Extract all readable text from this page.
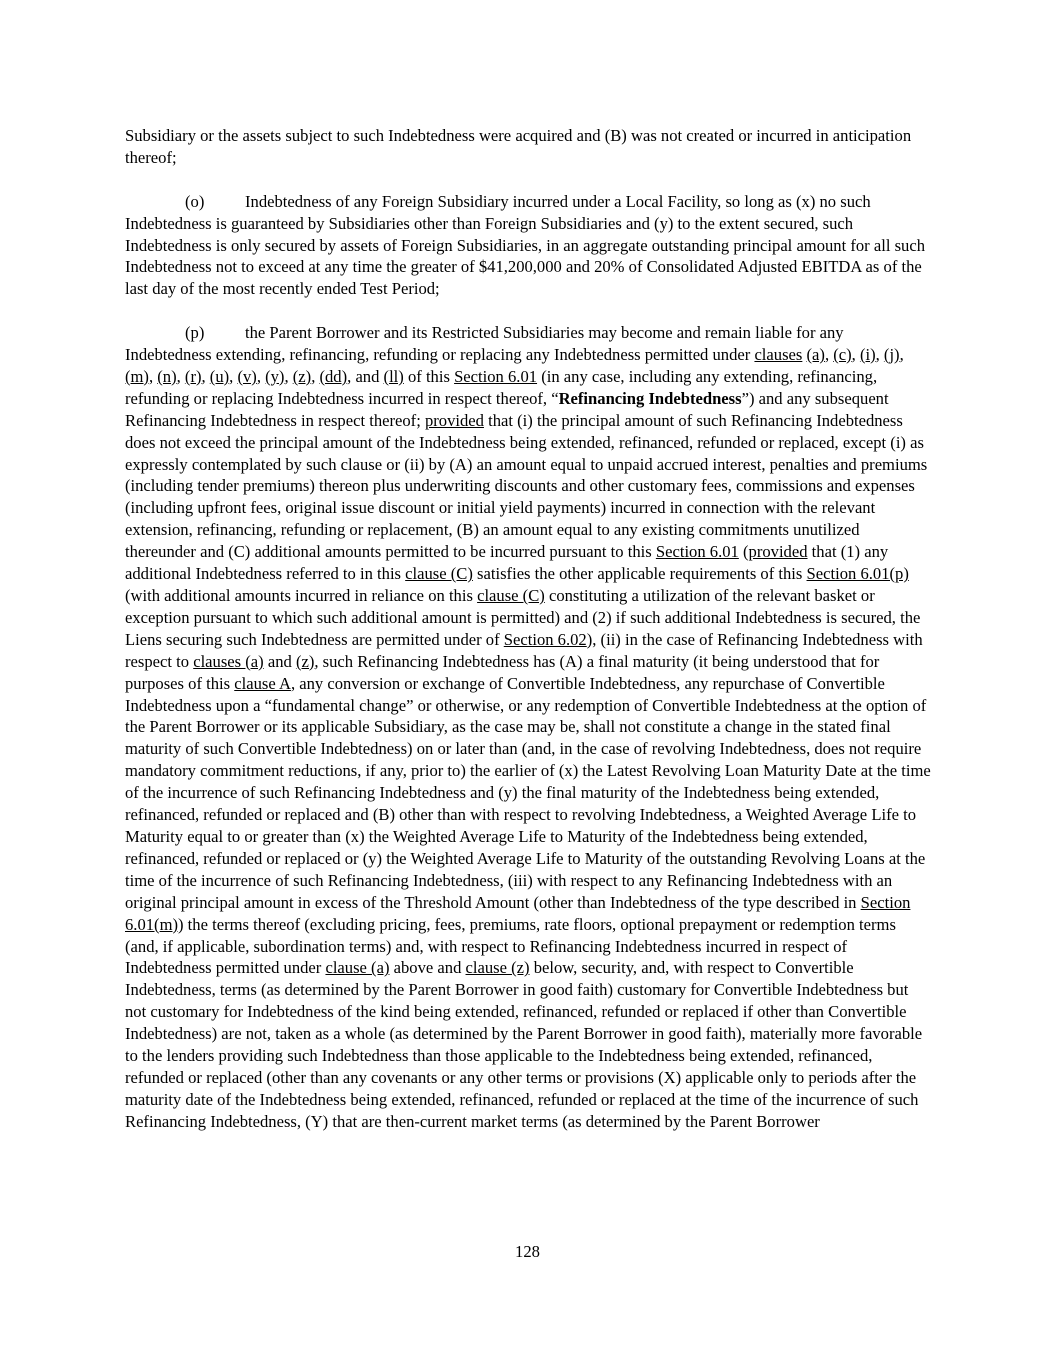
Subsidiary or the assets subject to such Indebtedness were acquired and (B) was not created or incurred in anticipation thereof;

(o) Indebtedness of any Foreign Subsidiary incurred under a Local Facility, so long as (x) no such Indebtedness is guaranteed by Subsidiaries other than Foreign Subsidiaries and (y) to the extent secured, such Indebtedness is only secured by assets of Foreign Subsidiaries, in an aggregate outstanding principal amount for all such Indebtedness not to exceed at any time the greater of $41,200,000 and 20% of Consolidated Adjusted EBITDA as of the last day of the most recently ended Test Period;

(p) the Parent Borrower and its Restricted Subsidiaries may become and remain liable for any Indebtedness extending, refinancing, refunding or replacing any Indebtedness permitted under clauses (a), (c), (i), (j), (m), (n), (r), (u), (v), (y), (z), (dd), and (ll) of this Section 6.01 (in any case, including any extending, refinancing, refunding or replacing Indebtedness incurred in respect thereof, “Refinancing Indebtedness”) and any subsequent Refinancing Indebtedness in respect thereof; provided that (i) the principal amount of such Refinancing Indebtedness does not exceed the principal amount of the Indebtedness being extended, refinanced, refunded or replaced, except (i) as expressly contemplated by such clause or (ii) by (A) an amount equal to unpaid accrued interest, penalties and premiums (including tender premiums) thereon plus underwriting discounts and other customary fees, commissions and expenses (including upfront fees, original issue discount or initial yield payments) incurred in connection with the relevant extension, refinancing, refunding or replacement, (B) an amount equal to any existing commitments unutilized thereunder and (C) additional amounts permitted to be incurred pursuant to this Section 6.01 (provided that (1) any additional Indebtedness referred to in this clause (C) satisfies the other applicable requirements of this Section 6.01(p) (with additional amounts incurred in reliance on this clause (C) constituting a utilization of the relevant basket or exception pursuant to which such additional amount is permitted) and (2) if such additional Indebtedness is secured, the Liens securing such Indebtedness are permitted under of Section 6.02), (ii) in the case of Refinancing Indebtedness with respect to clauses (a) and (z), such Refinancing Indebtedness has (A) a final maturity (it being understood that for purposes of this clause A, any conversion or exchange of Convertible Indebtedness, any repurchase of Convertible Indebtedness upon a “fundamental change” or otherwise, or any redemption of Convertible Indebtedness at the option of the Parent Borrower or its applicable Subsidiary, as the case may be, shall not constitute a change in the stated final maturity of such Convertible Indebtedness) on or later than (and, in the case of revolving Indebtedness, does not require mandatory commitment reductions, if any, prior to) the earlier of (x) the Latest Revolving Loan Maturity Date at the time of the incurrence of such Refinancing Indebtedness and (y) the final maturity of the Indebtedness being extended, refinanced, refunded or replaced and (B) other than with respect to revolving Indebtedness, a Weighted Average Life to Maturity equal to or greater than (x) the Weighted Average Life to Maturity of the Indebtedness being extended, refinanced, refunded or replaced or (y) the Weighted Average Life to Maturity of the outstanding Revolving Loans at the time of the incurrence of such Refinancing Indebtedness, (iii) with respect to any Refinancing Indebtedness with an original principal amount in excess of the Threshold Amount (other than Indebtedness of the type described in Section 6.01(m)) the terms thereof (excluding pricing, fees, premiums, rate floors, optional prepayment or redemption terms (and, if applicable, subordination terms) and, with respect to Refinancing Indebtedness incurred in respect of Indebtedness permitted under clause (a) above and clause (z) below, security, and, with respect to Convertible Indebtedness, terms (as determined by the Parent Borrower in good faith) customary for Convertible Indebtedness but not customary for Indebtedness of the kind being extended, refinanced, refunded or replaced if other than Convertible Indebtedness) are not, taken as a whole (as determined by the Parent Borrower in good faith), materially more favorable to the lenders providing such Indebtedness than those applicable to the Indebtedness being extended, refinanced, refunded or replaced (other than any covenants or any other terms or provisions (X) applicable only to periods after the maturity date of the Indebtedness being extended, refinanced, refunded or replaced at the time of the incurrence of such Refinancing Indebtedness, (Y) that are then-current market terms (as determined by the Parent Borrower

128
